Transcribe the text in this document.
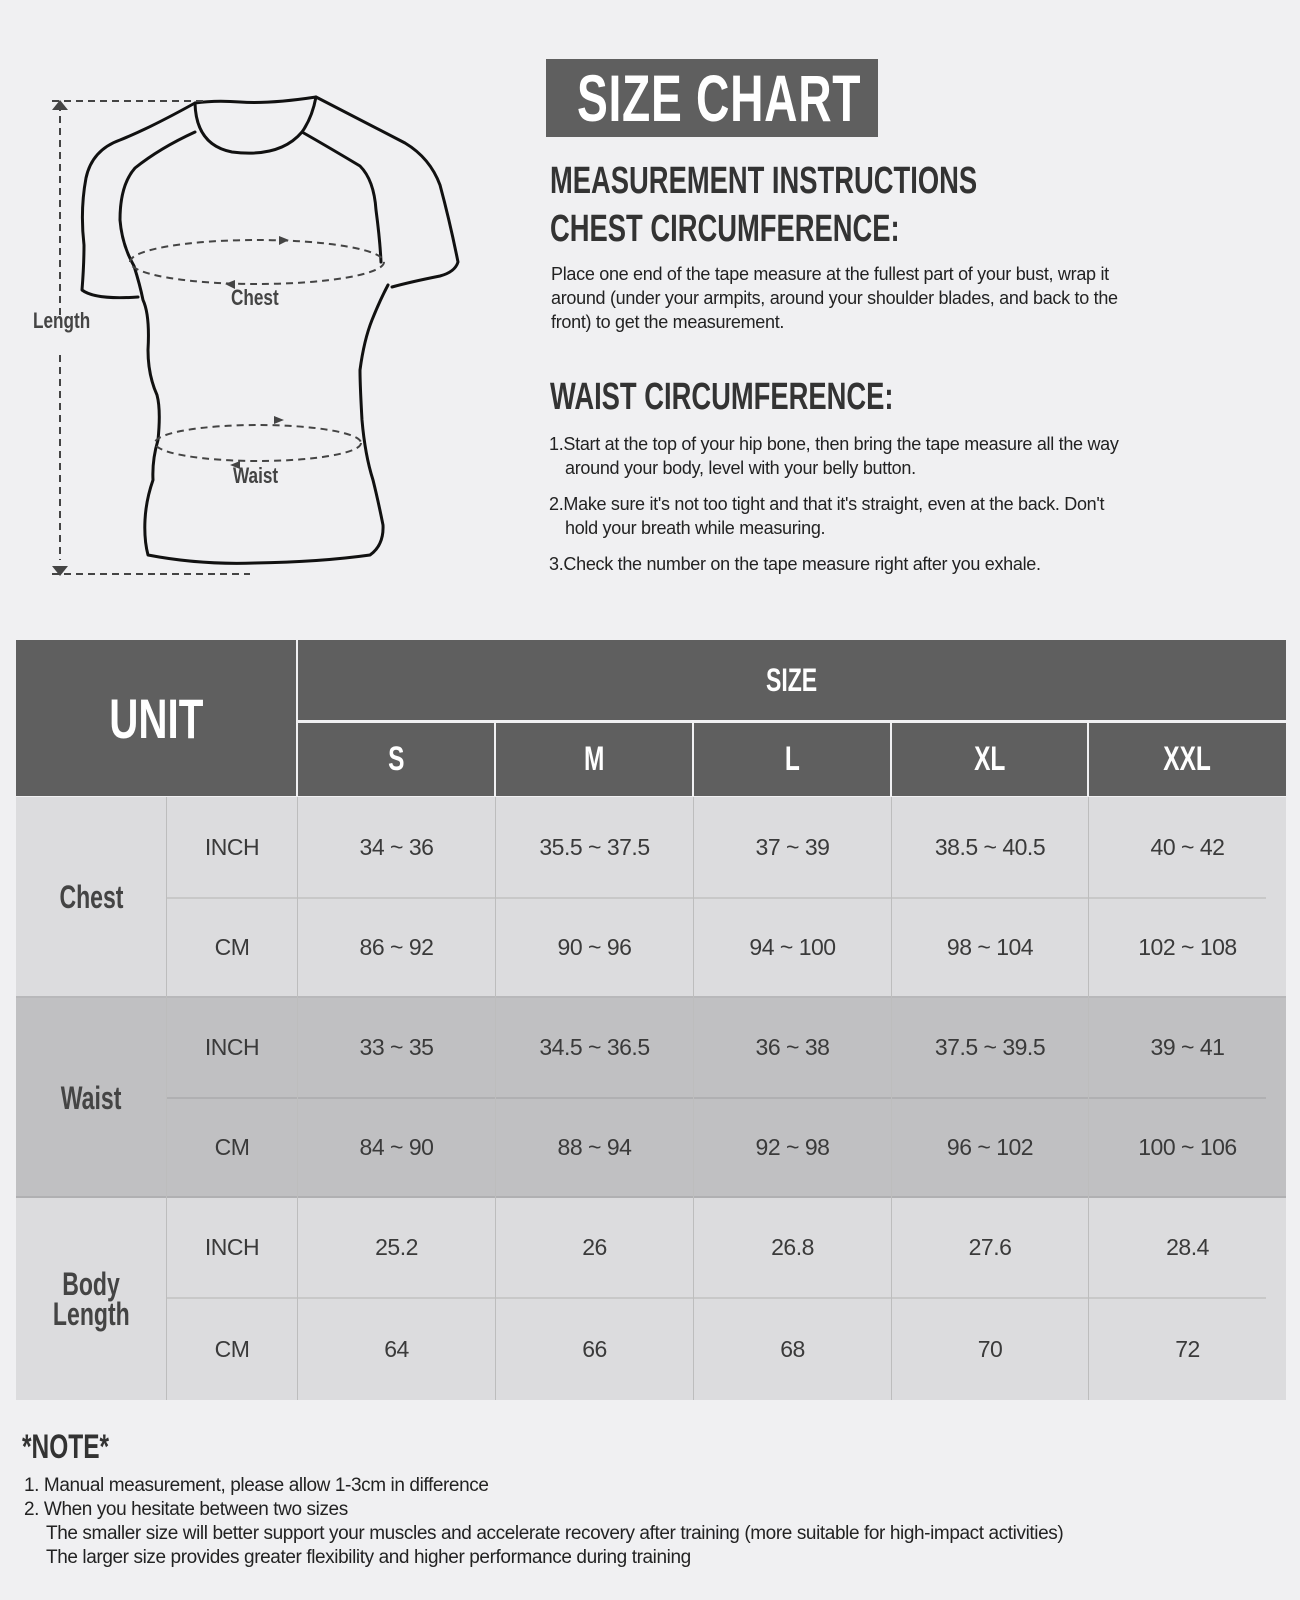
Length
Chest
Waist
SIZE CHART
MEASUREMENT INSTRUCTIONS
CHEST CIRCUMFERENCE:
Place one end of the tape measure at the fullest part of your bust, wrap it
around (under your armpits, around your shoulder blades, and back to the
front) to get the measurement.
WAIST CIRCUMFERENCE:
1.Start at the top of your hip bone, then bring the tape measure all the way
around your body, level with your belly button.
2.Make sure it's not too tight and that it's straight, even at the back. Don't
hold your breath while measuring.
3.Check the number on the tape measure right after you exhale.
UNIT
SIZE
S	M	L	XL	XXL
Chest
INCH	34 ~ 36	35.5 ~ 37.5	37 ~ 39	38.5 ~ 40.5	40 ~ 42
CM	86 ~ 92	90 ~ 96	94 ~ 100	98 ~ 104	102 ~ 108
Waist
INCH	33 ~ 35	34.5 ~ 36.5	36 ~ 38	37.5 ~ 39.5	39 ~ 41
CM	84 ~ 90	88 ~ 94	92 ~ 98	96 ~ 102	100 ~ 106
Body
Length
INCH	25.2	26	26.8	27.6	28.4
CM	64	66	68	70	72
*NOTE*
1. Manual measurement, please allow 1-3cm in difference
2. When you hesitate between two sizes
The smaller size will better support your muscles and accelerate recovery after training (more suitable for high-impact activities)
The larger size provides greater flexibility and higher performance during training
